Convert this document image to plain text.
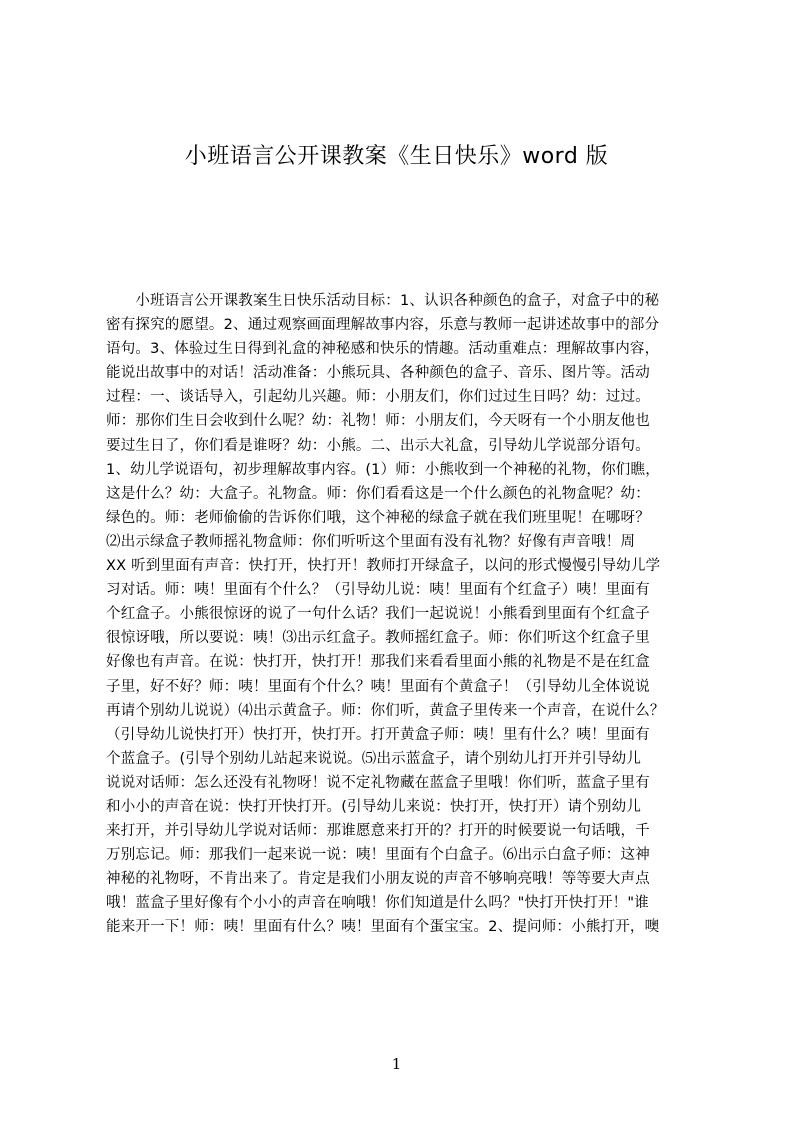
小班语言公开课教案《生日快乐》word 版
　　小班语言公开课教案生日快乐活动目标：1、认识各种颜色的盒子，对盒子中的秘
密有探究的愿望。2、通过观察画面理解故事内容，乐意与教师一起讲述故事中的部分
语句。3、体验过生日得到礼盒的神秘感和快乐的情趣。活动重难点：理解故事内容，
能说出故事中的对话！活动准备：小熊玩具、各种颜色的盒子、音乐、图片等。活动
过程：一、谈话导入，引起幼儿兴趣。师：小朋友们，你们过过生日吗？幼：过过。
师：那你们生日会收到什么呢？幼：礼物！师：小朋友们，今天呀有一个小朋友他也
要过生日了，你们看是谁呀？幼：小熊。二、出示大礼盒，引导幼儿学说部分语句。
1、幼儿学说语句，初步理解故事内容。(1）师：小熊收到一个神秘的礼物，你们瞧，
这是什么？幼：大盒子。礼物盒。师：你们看看这是一个什么颜色的礼物盒呢？幼：
绿色的。师：老师偷偷的告诉你们哦，这个神秘的绿盒子就在我们班里呢！在哪呀？
⑵出示绿盒子教师摇礼物盒师：你们听听这个里面有没有礼物？好像有声音哦！周
XX 听到里面有声音：快打开，快打开！教师打开绿盒子，以问的形式慢慢引导幼儿学
习对话。师：咦！里面有个什么？（引导幼儿说：咦！里面有个红盒子）咦！里面有
个红盒子。小熊很惊讶的说了一句什么话？我们一起说说！小熊看到里面有个红盒子
很惊讶哦，所以要说：咦！⑶出示红盒子。教师摇红盒子。师：你们听这个红盒子里
好像也有声音。在说：快打开，快打开！那我们来看看里面小熊的礼物是不是在红盒
子里，好不好？师：咦！里面有个什么？咦！里面有个黄盒子！（引导幼儿全体说说
再请个别幼儿说说）⑷出示黄盒子。师：你们听，黄盒子里传来一个声音，在说什么？
（引导幼儿说快打开）快打开，快打开。打开黄盒子师：咦！里有什么？咦！里面有
个蓝盒子。(引导个别幼儿站起来说说。⑸出示蓝盒子，请个别幼儿打开并引导幼儿
说说对话师：怎么还没有礼物呀！说不定礼物藏在蓝盒子里哦！你们听，蓝盒子里有
和小小的声音在说：快打开快打开。(引导幼儿来说：快打开，快打开）请个别幼儿
来打开，并引导幼儿学说对话师：那谁愿意来打开的？打开的时候要说一句话哦，千
万别忘记。师：那我们一起来说一说：咦！里面有个白盒子。⑹出示白盒子师：这神
神秘的礼物呀，不肯出来了。肯定是我们小朋友说的声音不够响亮哦！等等要大声点
哦！蓝盒子里好像有个小小的声音在响哦！你们知道是什么吗？"快打开快打开！"谁
能来开一下！师：咦！里面有什么？咦！里面有个蛋宝宝。2、提问师：小熊打开，噢
1
